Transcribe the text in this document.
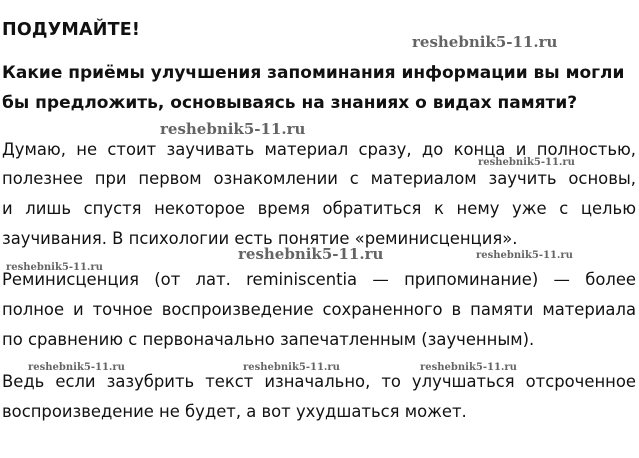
ПОДУМАЙТЕ!
Какие приёмы улучшения запоминания информации вы могли
бы предложить, основываясь на знаниях о видах памяти?
Думаю, не стоит заучивать материал сразу, до конца и полностью,
полезнее при первом ознакомлении с материалом заучить основы,
и лишь спустя некоторое время обратиться к нему уже с целью
заучивания. В психологии есть понятие «реминисценция».
Реминисценция (от лат. reminiscentia — припоминание) — более
полное и точное воспроизведение сохраненного в памяти материала
по сравнению с первоначально запечатленным (заученным).
Ведь если зазубрить текст изначально, то улучшаться отсроченное
воспроизведение не будет, а вот ухудшаться может.
reshebnik5-11.ru
reshebnik5-11.ru
reshebnik5-11.ru
reshebnik5-11.ru
reshebnik5-11.ru
reshebnik5-11.ru
reshebnik5-11.ru	reshebnik5-11.ru	reshebnik5-11.ru
